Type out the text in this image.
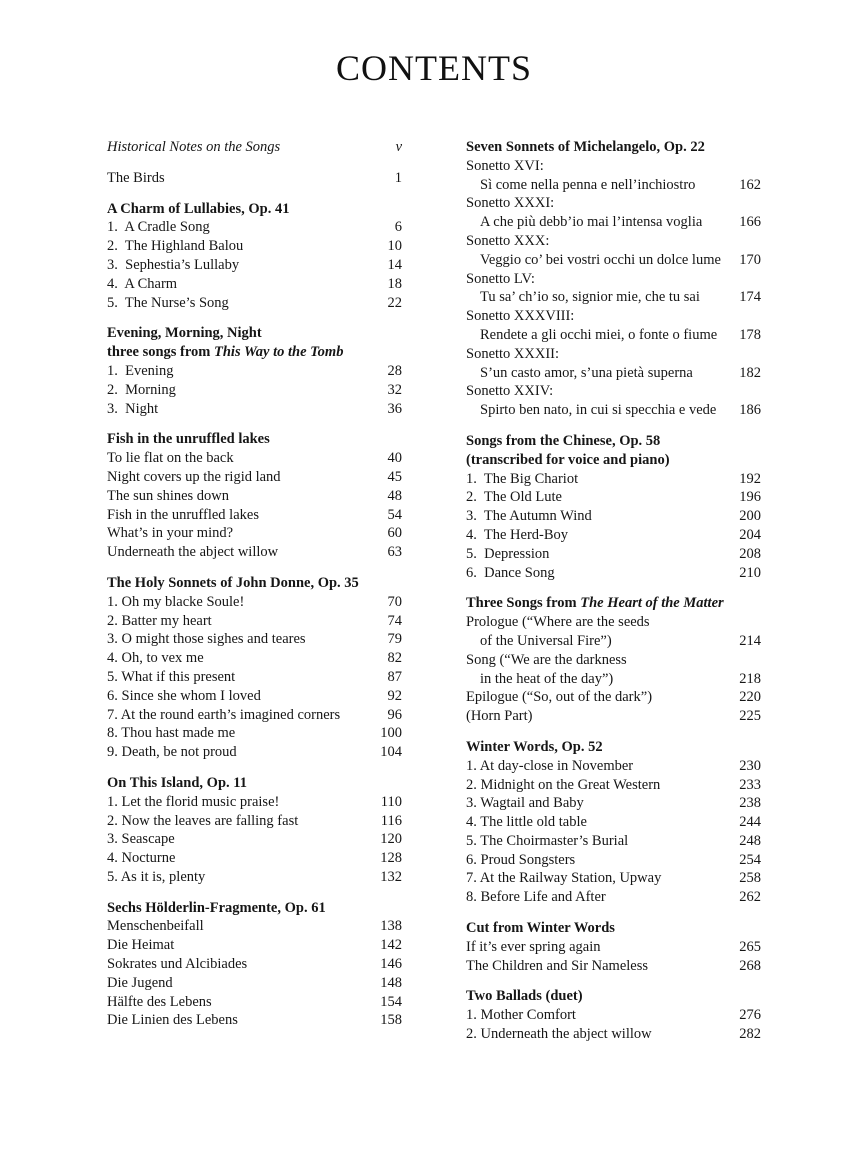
CONTENTS
Historical Notes on the Songs	v
The Birds	1
A Charm of Lullabies, Op. 41
1.  A Cradle Song	6
2.  The Highland Balou	10
3.  Sephestia’s Lullaby	14
4.  A Charm	18
5.  The Nurse’s Song	22
Evening, Morning, Night
three songs from This Way to the Tomb
1.  Evening	28
2.  Morning	32
3.  Night	36
Fish in the unruffled lakes
To lie flat on the back	40
Night covers up the rigid land	45
The sun shines down	48
Fish in the unruffled lakes	54
What’s in your mind?	60
Underneath the abject willow	63
The Holy Sonnets of John Donne, Op. 35
1. Oh my blacke Soule!	70
2. Batter my heart	74
3. O might those sighes and teares	79
4. Oh, to vex me	82
5. What if this present	87
6. Since she whom I loved	92
7. At the round earth’s imagined corners	96
8. Thou hast made me	100
9. Death, be not proud	104
On This Island, Op. 11
1. Let the florid music praise!	110
2. Now the leaves are falling fast	116
3. Seascape	120
4. Nocturne	128
5. As it is, plenty	132
Sechs Hölderlin-Fragmente, Op. 61
Menschenbeifall	138
Die Heimat	142
Sokrates und Alcibiades	146
Die Jugend	148
Hälfte des Lebens	154
Die Linien des Lebens	158
Seven Sonnets of Michelangelo, Op. 22
Sonetto XVI:
Sì come nella penna e nell’inchiostro	162
Sonetto XXXI:
A che più debb’io mai l’intensa voglia	166
Sonetto XXX:
Veggio co’ bei vostri occhi un dolce lume	170
Sonetto LV:
Tu sa’ ch’io so, signior mie, che tu sai	174
Sonetto XXXVIII:
Rendete a gli occhi miei, o fonte o fiume	178
Sonetto XXXII:
S’un casto amor, s’una pietà superna	182
Sonetto XXIV:
Spirto ben nato, in cui si specchia e vede	186
Songs from the Chinese, Op. 58
(transcribed for voice and piano)
1.  The Big Chariot	192
2.  The Old Lute	196
3.  The Autumn Wind	200
4.  The Herd-Boy	204
5.  Depression	208
6.  Dance Song	210
Three Songs from The Heart of the Matter
Prologue (“Where are the seeds
of the Universal Fire”)	214
Song (“We are the darkness
in the heat of the day”)	218
Epilogue (“So, out of the dark”)	220
(Horn Part)	225
Winter Words, Op. 52
1. At day-close in November	230
2. Midnight on the Great Western	233
3. Wagtail and Baby	238
4. The little old table	244
5. The Choirmaster’s Burial	248
6. Proud Songsters	254
7. At the Railway Station, Upway	258
8. Before Life and After	262
Cut from Winter Words
If it’s ever spring again	265
The Children and Sir Nameless	268
Two Ballads (duet)
1. Mother Comfort	276
2. Underneath the abject willow	282
